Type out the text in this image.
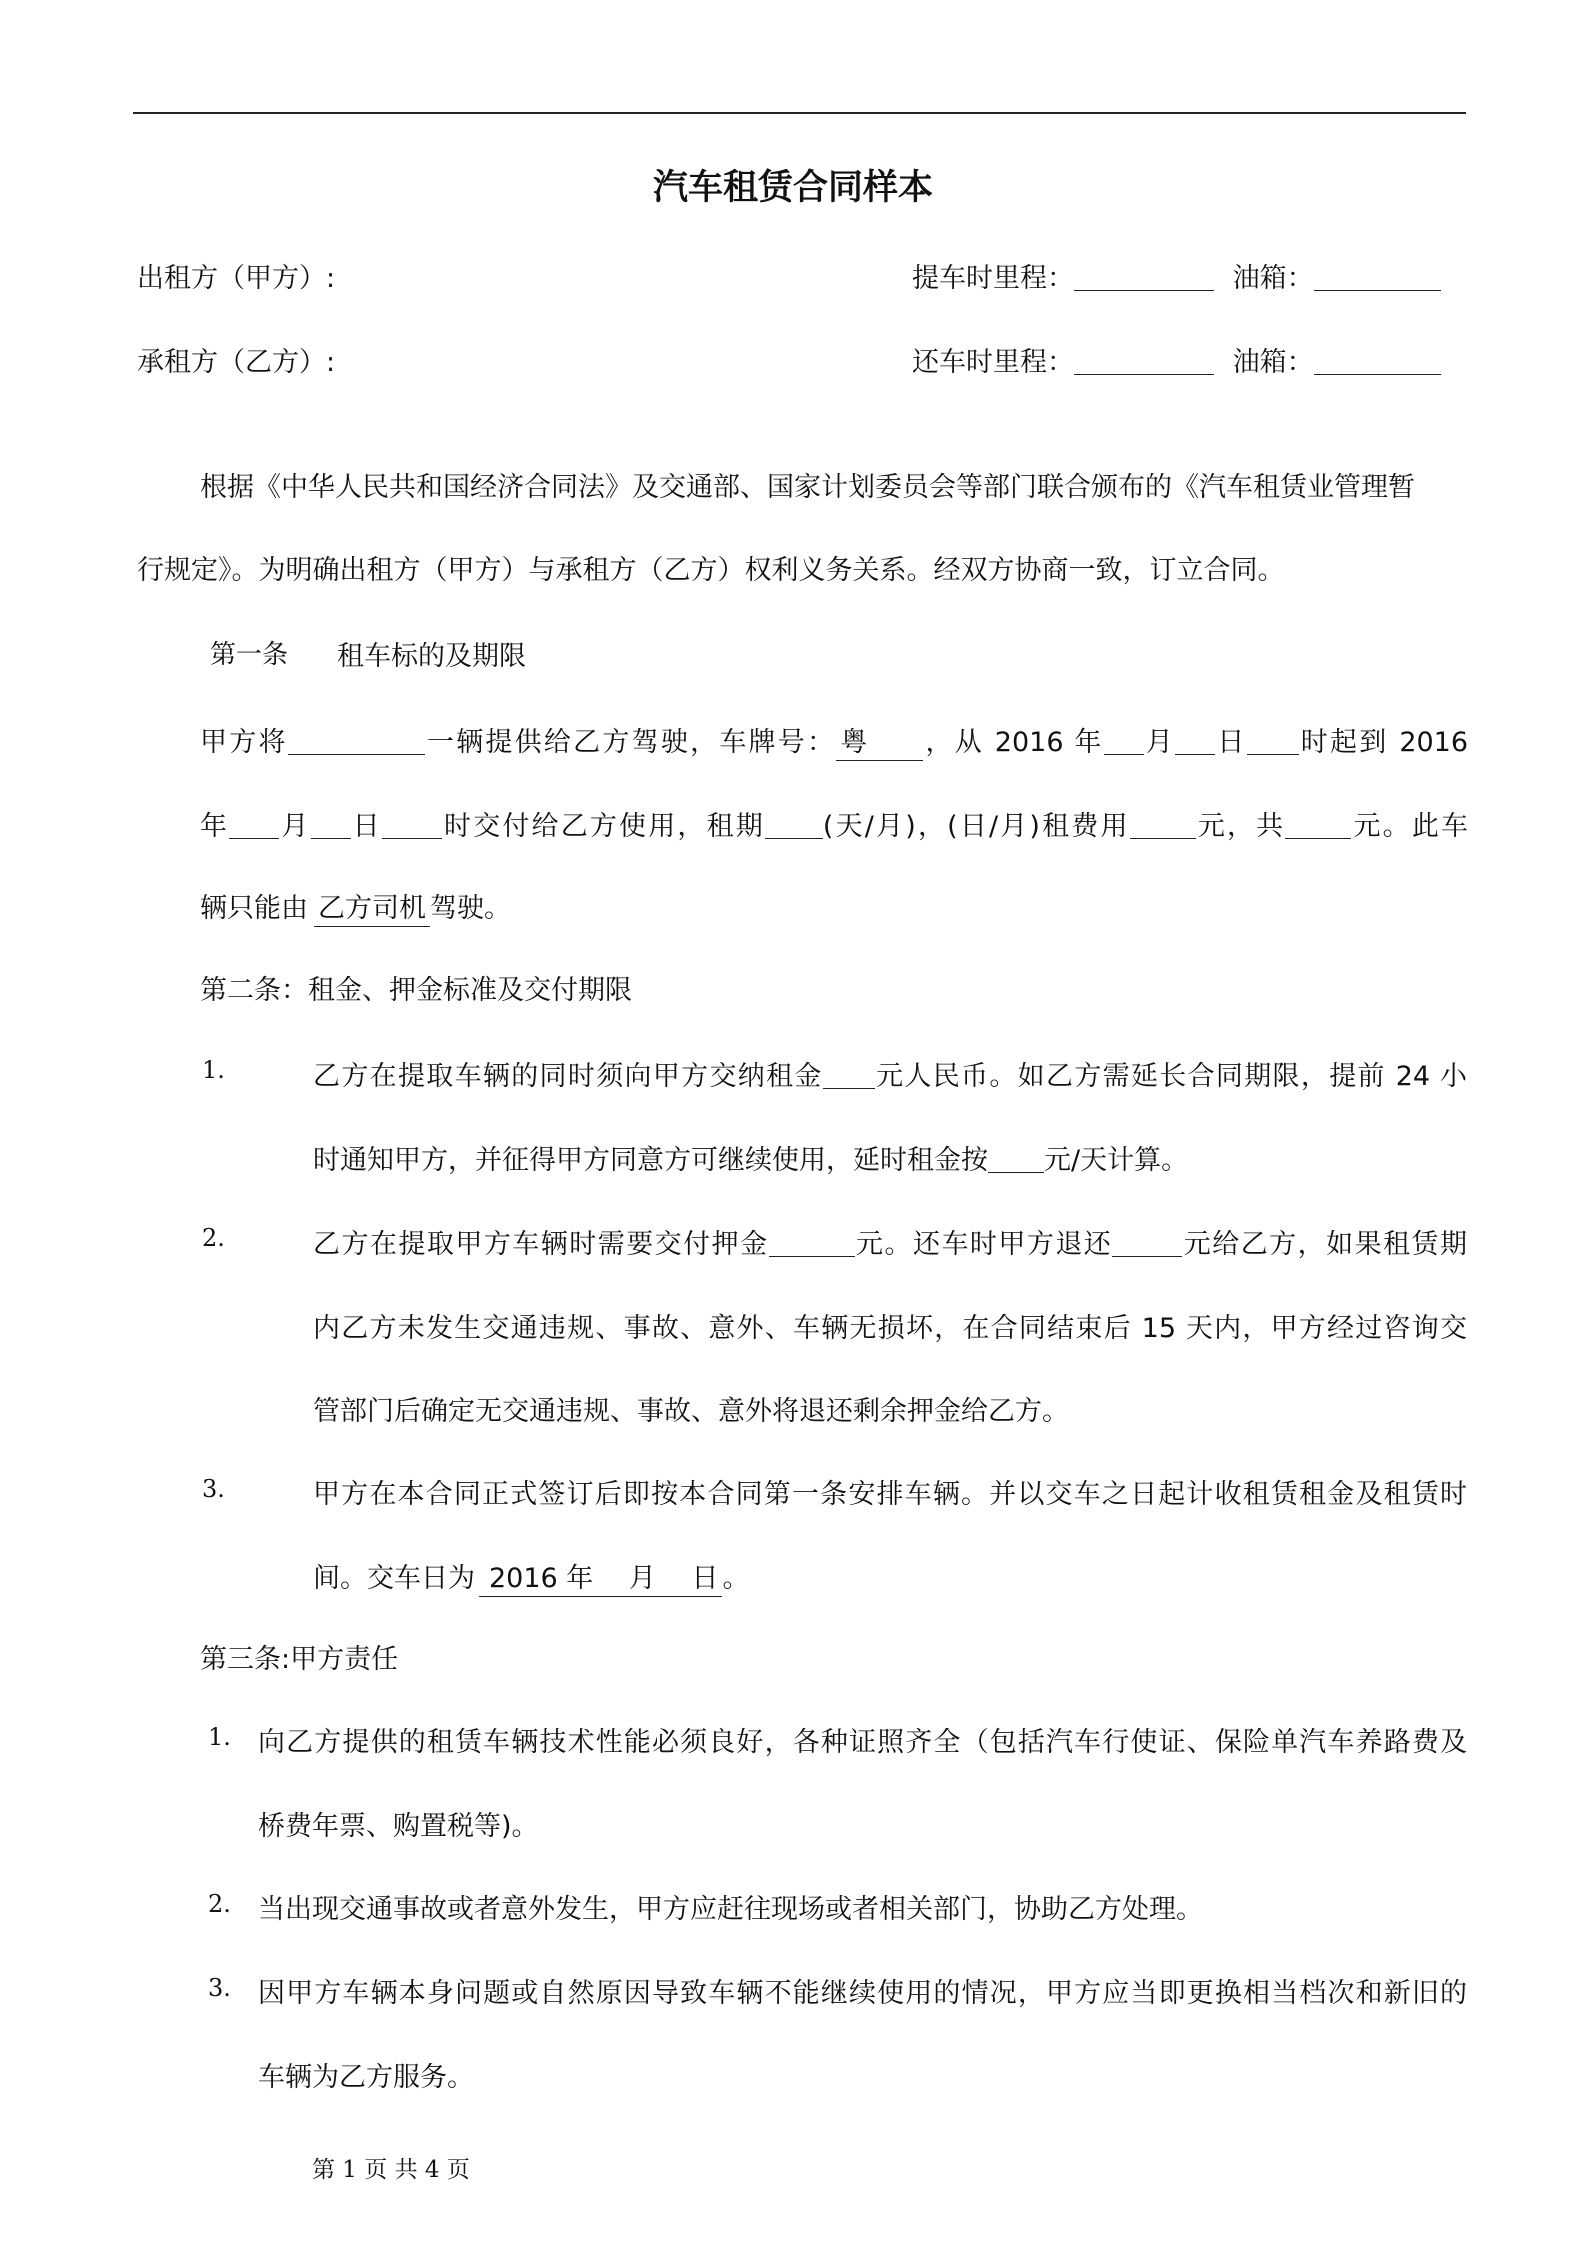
汽车租赁合同样本
出租方（甲方）:
承租方（乙方）:
提车时里程：	油箱：
还车时里程：	油箱：
根据《中华人民共和国经济合同法》及交通部、国家计划委员会等部门联合颁布的《汽车租赁业管理暂
行规定》。为明确出租方（甲方）与承租方（乙方）权利义务关系。经双方协商一致，订立合同。
第一条 租车标的及期限
甲方将	一辆提供给乙方驾驶，车牌号： 粤 ，从 2016 年 月 日 时起到 2016
年 月 日 时交付给乙方使用，租期 (天/月)，(日/月)租费用 元，共 元。此车
辆只能由 乙方司机 驾驶。
第二条：租金、押金标准及交付期限
1.	乙方在提取车辆的同时须向甲方交纳租金 元人民币。如乙方需延长合同期限，提前 24 小
时通知甲方，并征得甲方同意方可继续使用，延时租金按 元/天计算。
2.	乙方在提取甲方车辆时需要交付押金	元。还车时甲方退还	元给乙方，如果租赁期
内乙方未发生交通违规、事故、意外、车辆无损坏，在合同结束后 15 天内，甲方经过咨询交
管部门后确定无交通违规、事故、意外将退还剩余押金给乙方。
3.	甲方在本合同正式签订后即按本合同第一条安排车辆。并以交车之日起计收租赁租金及租赁时
间。交车日为 2016 年　 月　 日 。
第三条:甲方责任
1. 向乙方提供的租赁车辆技术性能必须良好，各种证照齐全（包括汽车行使证、保险单汽车养路费及
桥费年票、购置税等)。
2. 当出现交通事故或者意外发生，甲方应赶往现场或者相关部门，协助乙方处理。
3. 因甲方车辆本身问题或自然原因导致车辆不能继续使用的情况，甲方应当即更换相当档次和新旧的
车辆为乙方服务。
第 1 页 共 4 页
